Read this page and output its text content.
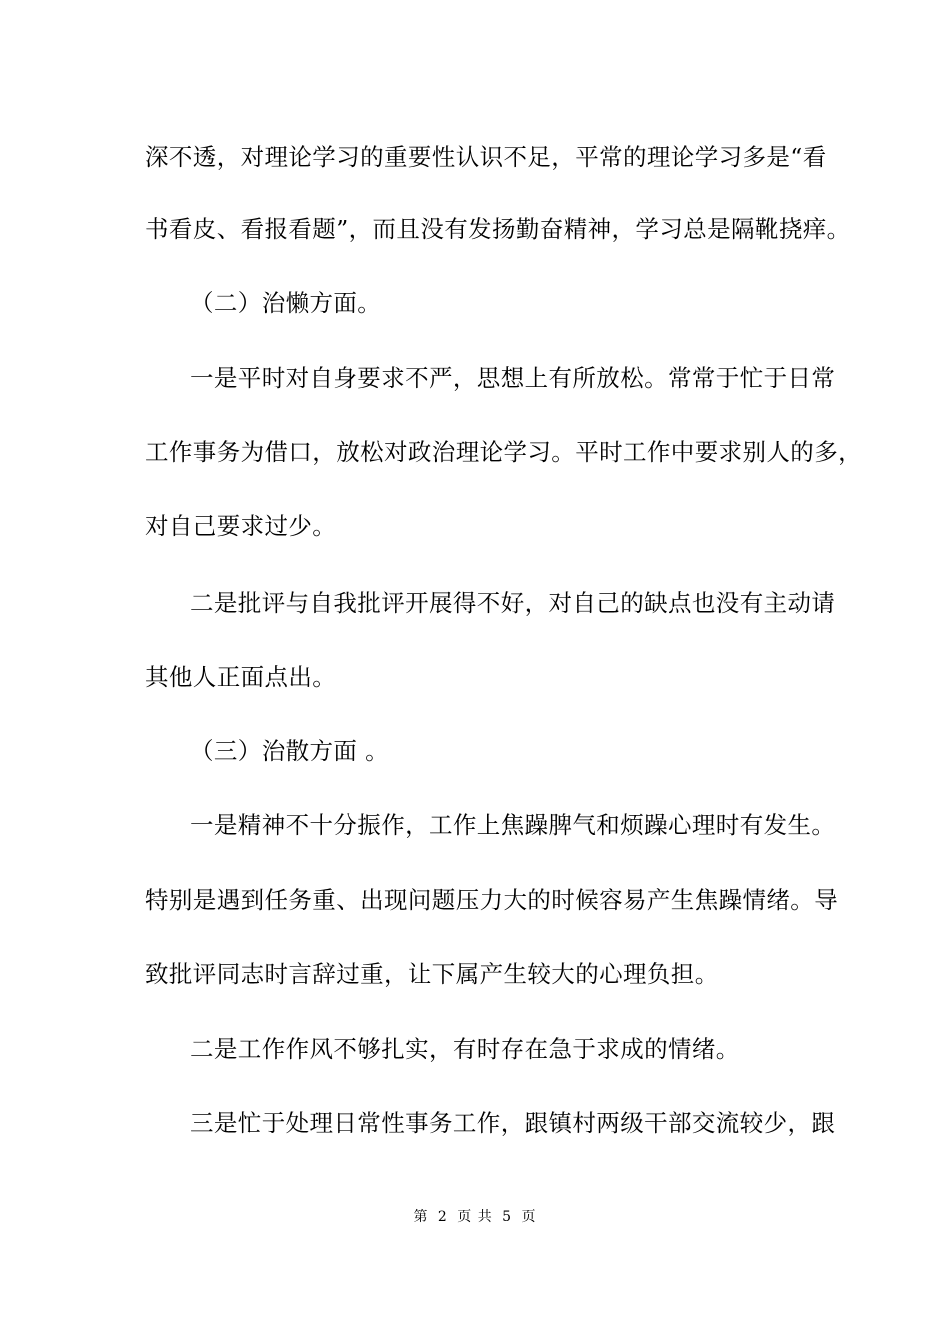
深不透，对理论学习的重要性认识不足，平常的理论学习多是“看
书看皮、看报看题”，而且没有发扬勤奋精神，学习总是隔靴挠痒。
（二）治懒方面。
一是平时对自身要求不严，思想上有所放松。常常于忙于日常
工作事务为借口，放松对政治理论学习。平时工作中要求别人的多，
对自己要求过少。
二是批评与自我批评开展得不好，对自己的缺点也没有主动请
其他人正面点出。
（三）治散方面 。
一是精神不十分振作，工作上焦躁脾气和烦躁心理时有发生。
特别是遇到任务重、出现问题压力大的时候容易产生焦躁情绪。导
致批评同志时言辞过重，让下属产生较大的心理负担。
二是工作作风不够扎实，有时存在急于求成的情绪。
三是忙于处理日常性事务工作，跟镇村两级干部交流较少，跟
第 2 页 共 5 页
